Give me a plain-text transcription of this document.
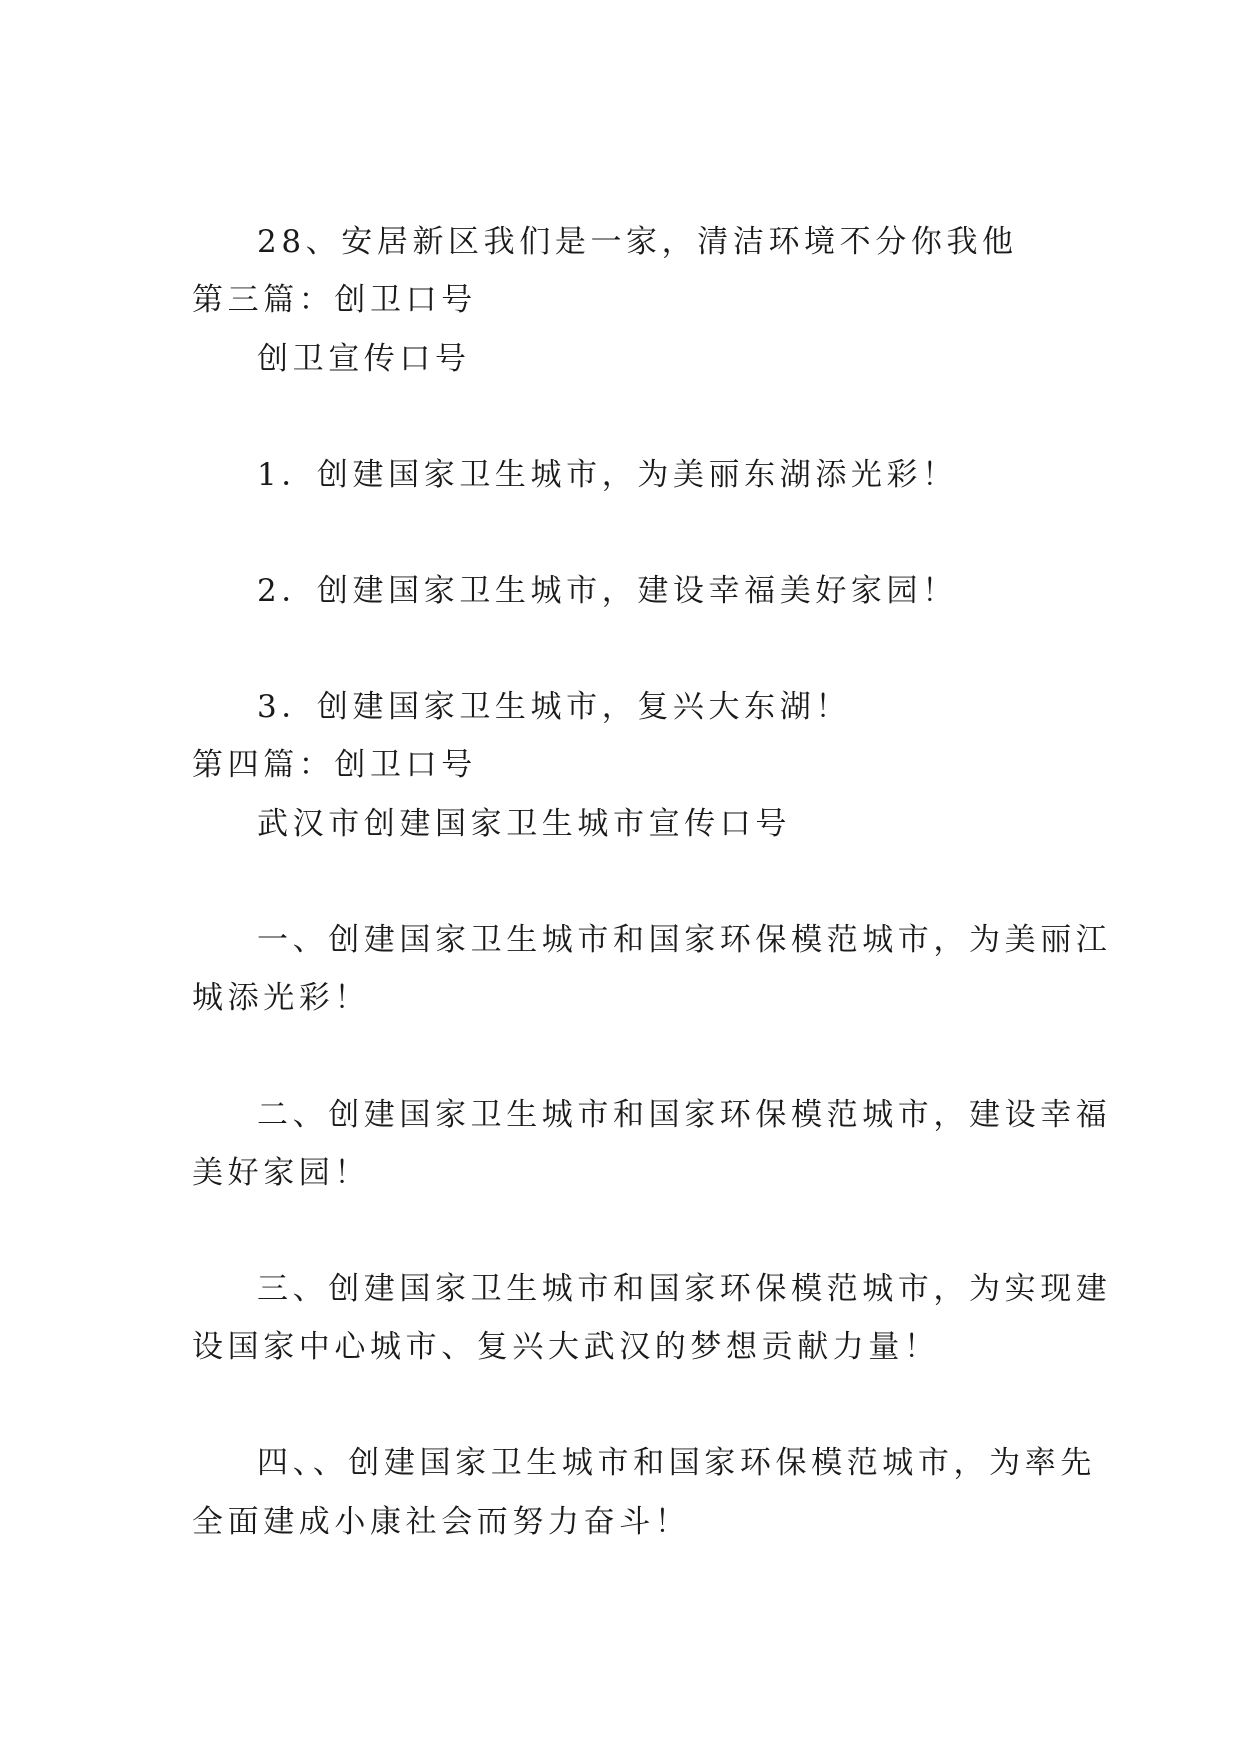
28、安居新区我们是一家，清洁环境不分你我他
第三篇：创卫口号
创卫宣传口号
1．创建国家卫生城市，为美丽东湖添光彩！
2．创建国家卫生城市，建设幸福美好家园！
3．创建国家卫生城市，复兴大东湖！
第四篇：创卫口号
武汉市创建国家卫生城市宣传口号
一、创建国家卫生城市和国家环保模范城市，为美丽江
城添光彩！
二、创建国家卫生城市和国家环保模范城市，建设幸福
美好家园！
三、创建国家卫生城市和国家环保模范城市，为实现建
设国家中心城市、复兴大武汉的梦想贡献力量！
四、、创建国家卫生城市和国家环保模范城市，为率先
全面建成小康社会而努力奋斗！
